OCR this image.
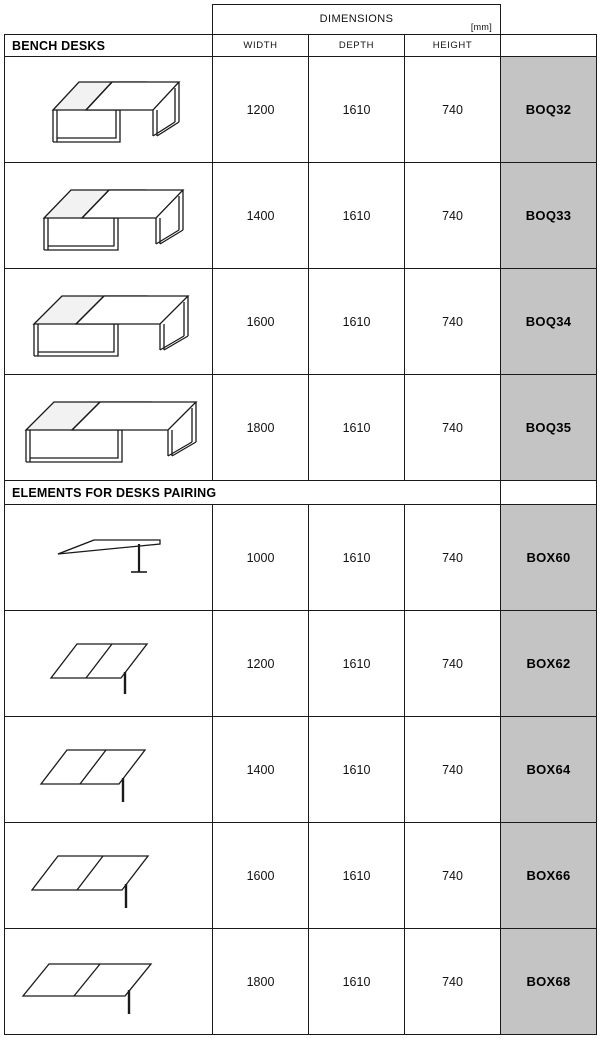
	DIMENSIONS
[mm]			

BENCH DESKS	WIDTH	DEPTH	HEIGHT	

	1200	1610	740	BOQ32

	1400	1610	740	BOQ33

	1600	1610	740	BOQ34

	1800	1610	740	BOQ35
ELEMENTS FOR DESKS PAIRING				

	1000	1610	740	BOX60

	1200	1610	740	BOX62

	1400	1610	740	BOX64

	1600	1610	740	BOX66

	1800	1610	740	BOX68
